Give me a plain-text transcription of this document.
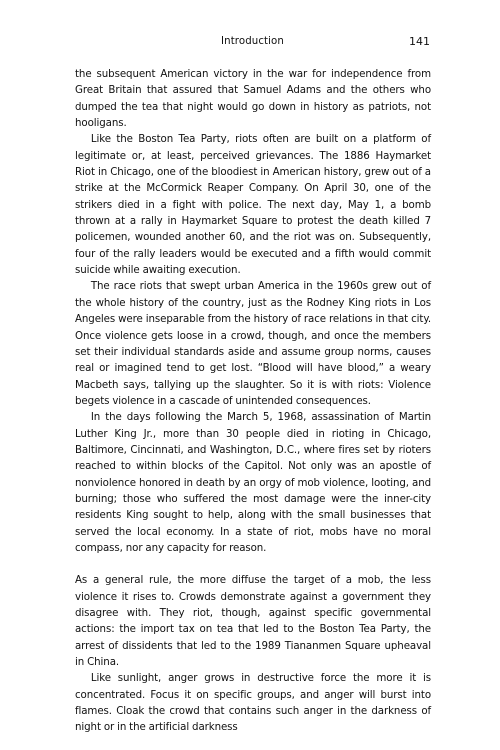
Introduction	141

the subsequent American victory in the war for independence from Great Britain that assured that Samuel Adams and the others who dumped the tea that night would go down in history as patriots, not hooligans.

Like the Boston Tea Party, riots often are built on a platform of legitimate or, at least, perceived grievances. The 1886 Haymarket Riot in Chicago, one of the bloodiest in American history, grew out of a strike at the McCormick Reaper Company. On April 30, one of the strikers died in a fight with police. The next day, May 1, a bomb thrown at a rally in Haymarket Square to protest the death killed 7 policemen, wounded another 60, and the riot was on. Subsequently, four of the rally leaders would be executed and a fifth would commit suicide while awaiting execution.

The race riots that swept urban America in the 1960s grew out of the whole history of the country, just as the Rodney King riots in Los Angeles were inseparable from the history of race relations in that city. Once violence gets loose in a crowd, though, and once the members set their individual standards aside and assume group norms, causes real or imagined tend to get lost. “Blood will have blood,” a weary Macbeth says, tallying up the slaughter. So it is with riots: Violence begets violence in a cascade of unintended consequences.

In the days following the March 5, 1968, assassination of Martin Luther King Jr., more than 30 people died in rioting in Chicago, Baltimore, Cincinnati, and Washington, D.C., where fires set by rioters reached to within blocks of the Capitol. Not only was an apostle of nonviolence honored in death by an orgy of mob violence, looting, and burning; those who suffered the most damage were the inner-city residents King sought to help, along with the small businesses that served the local economy. In a state of riot, mobs have no moral compass, nor any capacity for reason.

As a general rule, the more diffuse the target of a mob, the less violence it rises to. Crowds demonstrate against a government they disagree with. They riot, though, against specific governmental actions: the import tax on tea that led to the Boston Tea Party, the arrest of dissidents that led to the 1989 Tiananmen Square upheaval in China.

Like sunlight, anger grows in destructive force the more it is concentrated. Focus it on specific groups, and anger will burst into flames. Cloak the crowd that contains such anger in the darkness of night or in the artificial darkness
